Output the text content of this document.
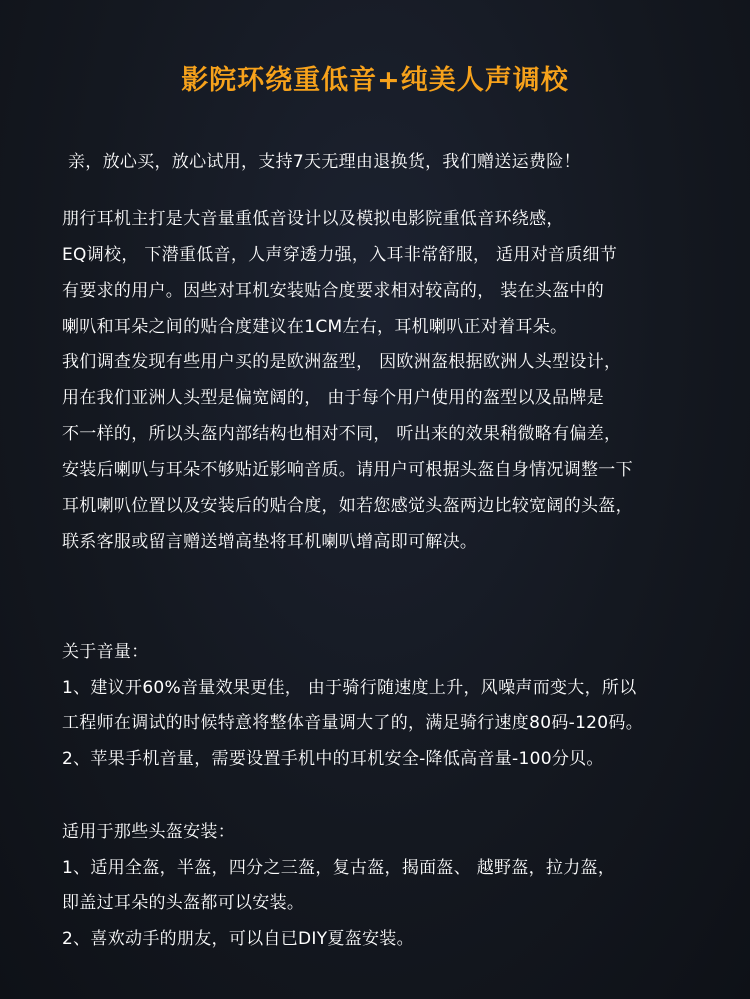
影院环绕重低音+纯美人声调校
亲，放心买，放心试用，支持7天无理由退换货，我们赠送运费险！
朋行耳机主打是大音量重低音设计以及模拟电影院重低音环绕感，
EQ调校， 下潜重低音，人声穿透力强，入耳非常舒服， 适用对音质细节
有要求的用户。因些对耳机安装贴合度要求相对较高的， 装在头盔中的
喇叭和耳朵之间的贴合度建议在1CM左右，耳机喇叭正对着耳朵。
我们调查发现有些用户买的是欧洲盔型， 因欧洲盔根据欧洲人头型设计，
用在我们亚洲人头型是偏宽阔的， 由于每个用户使用的盔型以及品牌是
不一样的，所以头盔内部结构也相对不同， 听出来的效果稍微略有偏差，
安装后喇叭与耳朵不够贴近影响音质。请用户可根据头盔自身情况调整一下
耳机喇叭位置以及安装后的贴合度，如若您感觉头盔两边比较宽阔的头盔，
联系客服或留言赠送增高垫将耳机喇叭增高即可解决。
关于音量：
1、建议开60%音量效果更佳， 由于骑行随速度上升，风噪声而变大，所以
工程师在调试的时候特意将整体音量调大了的，满足骑行速度80码-120码。
2、苹果手机音量，需要设置手机中的耳机安全-降低高音量-100分贝。
适用于那些头盔安装：
1、适用全盔，半盔，四分之三盔，复古盔，揭面盔、 越野盔，拉力盔，
即盖过耳朵的头盔都可以安装。
2、喜欢动手的朋友，可以自已DIY夏盔安装。
